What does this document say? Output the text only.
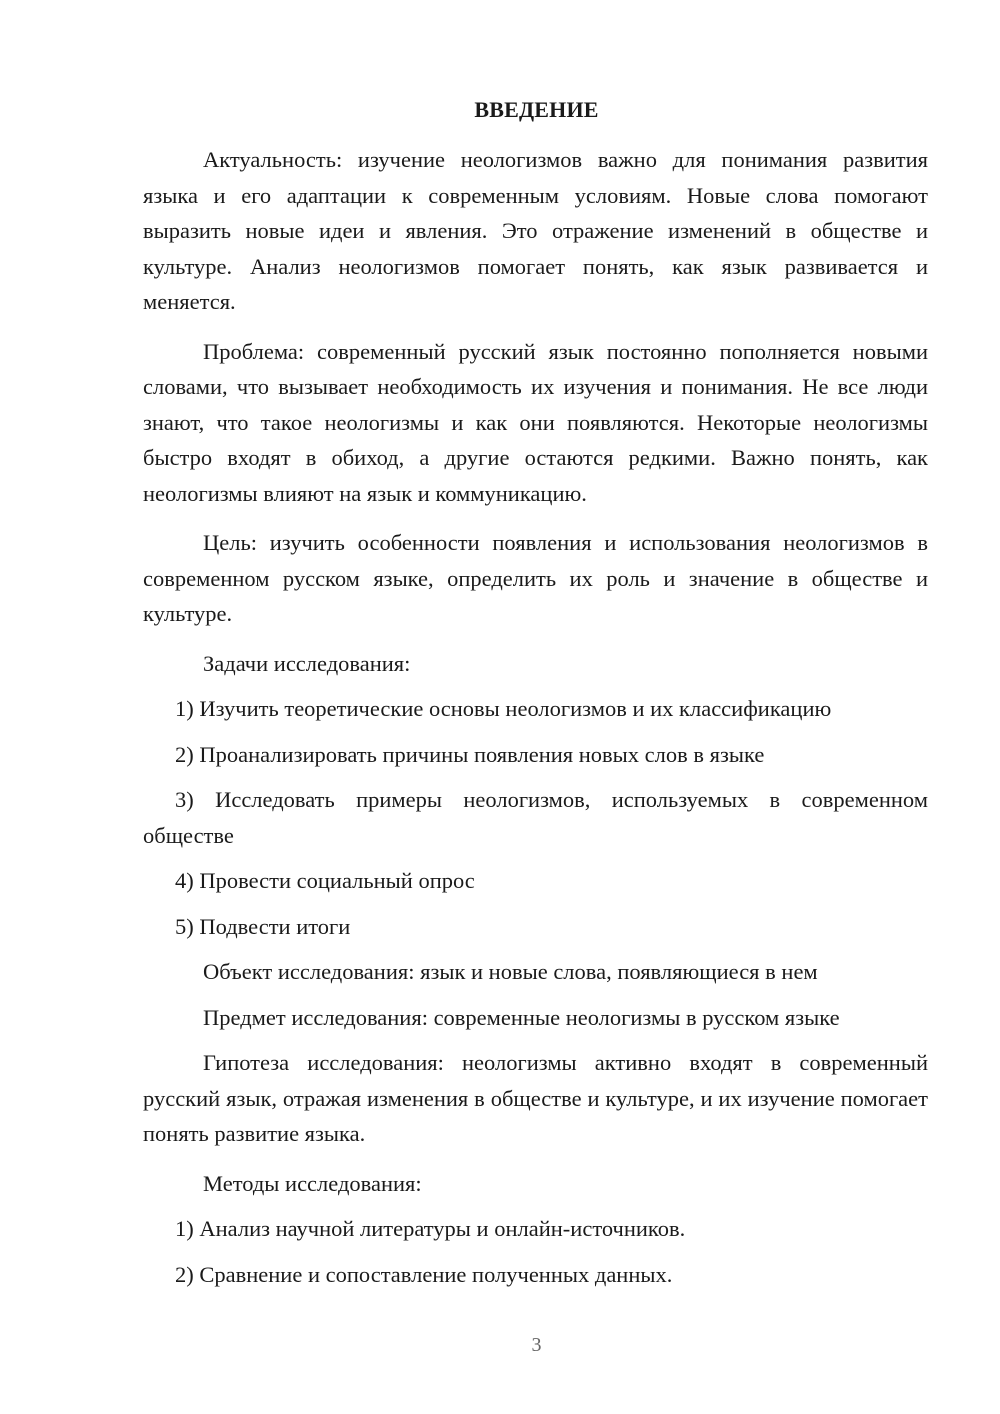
ВВЕДЕНИЕ

Актуальность: изучение неологизмов важно для понимания развития языка и его адаптации к современным условиям. Новые слова помогают выразить новые идеи и явления. Это отражение изменений в обществе и культуре. Анализ неологизмов помогает понять, как язык развивается и меняется.

Проблема: современный русский язык постоянно пополняется новыми словами, что вызывает необходимость их изучения и понимания. Не все люди знают, что такое неологизмы и как они появляются. Некоторые неологизмы быстро входят в обиход, а другие остаются редкими. Важно понять, как неологизмы влияют на язык и коммуникацию.

Цель: изучить особенности появления и использования неологизмов в современном русском языке, определить их роль и значение в обществе и культуре.

Задачи исследования:

1) Изучить теоретические основы неологизмов и их классификацию

2) Проанализировать причины появления новых слов в языке

3) Исследовать примеры неологизмов, используемых в современном обществе

4) Провести социальный опрос

5) Подвести итоги

Объект исследования: язык и новые слова, появляющиеся в нем

Предмет исследования: современные неологизмы в русском языке

Гипотеза исследования: неологизмы активно входят в современный русский язык, отражая изменения в обществе и культуре, и их изучение помогает понять развитие языка.

Методы исследования:

1) Анализ научной литературы и онлайн-источников.

2) Сравнение и сопоставление полученных данных.

3
